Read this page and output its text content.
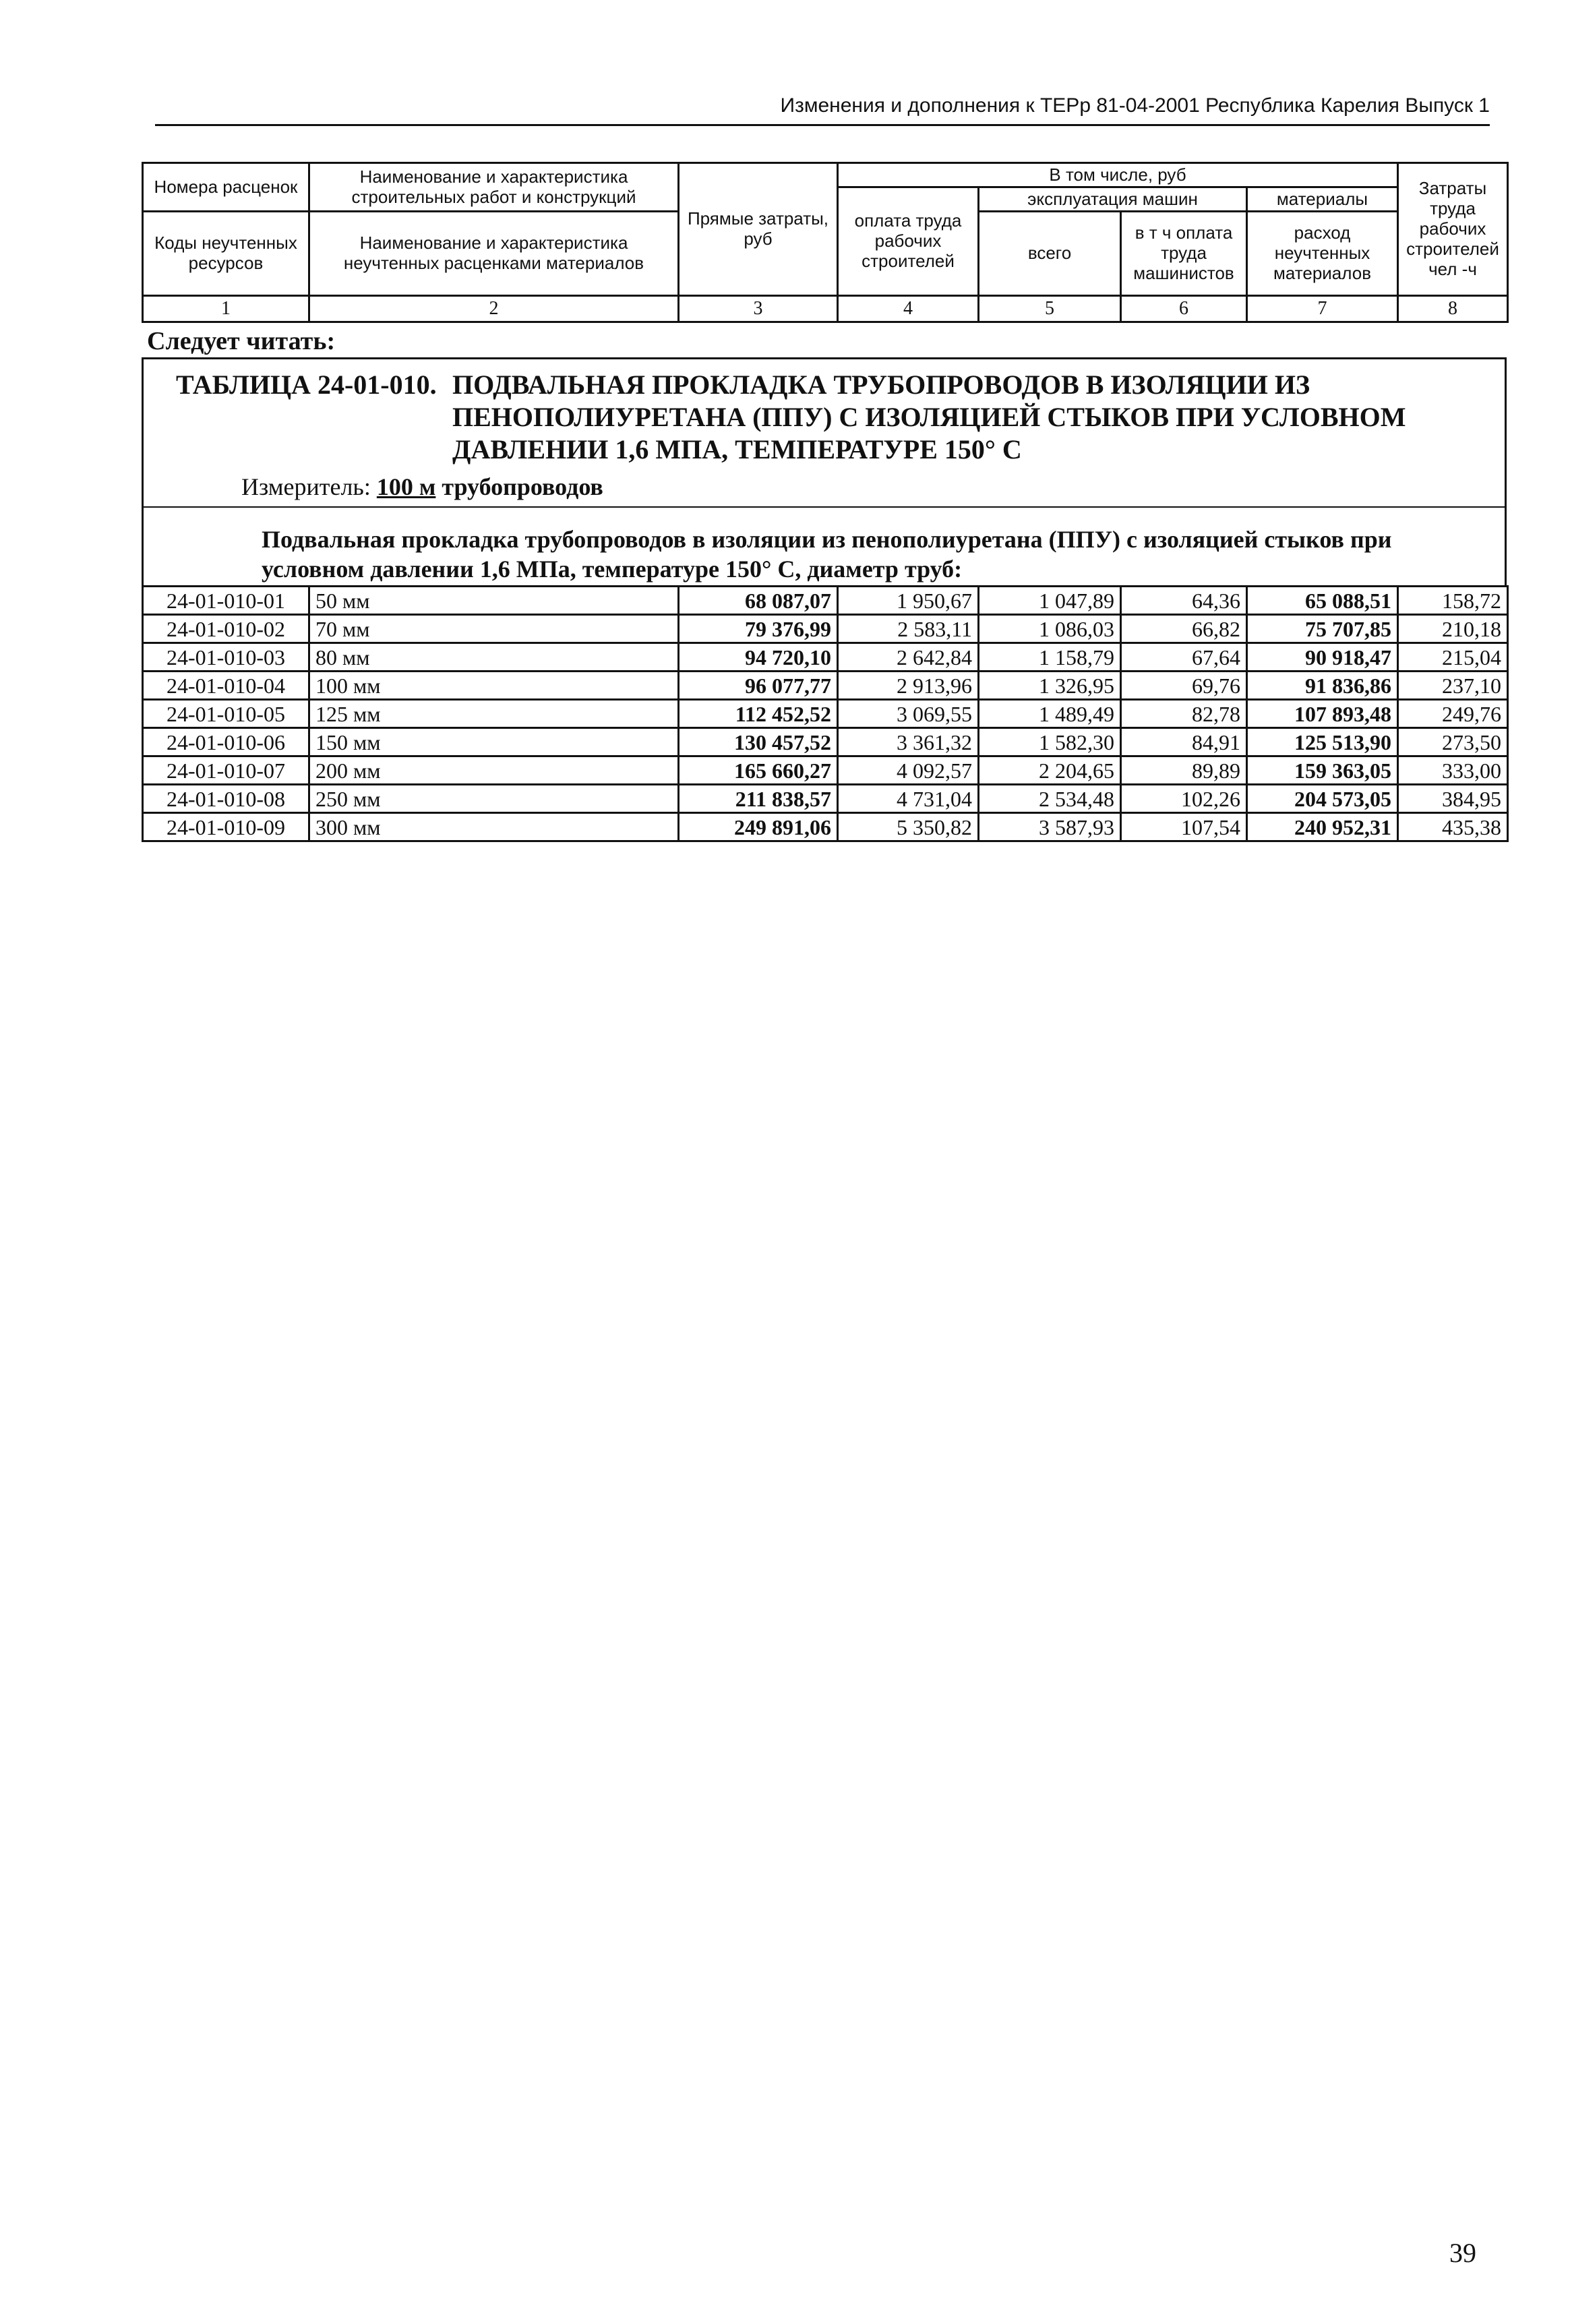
Изменения и дополнения к ТЕРр 81-04-2001 Республика Карелия Выпуск 1
Номера расценок	Наименование и характеристика строительных работ и конструкций	Прямые затраты, руб	В том числе, руб				Затраты труда рабочих строителей чел -ч
			оплата труда рабочих строителей	эксплуатация машин		материалы	
Коды неучтенных ресурсов	Наименование и характеристика неучтенных расценками материалов			всего	в т ч оплата труда машинистов	расход неучтенных материалов	

1	2	3	4	5	6	7	8
Следует читать:
ТАБЛИЦА 24-01-010. ПОДВАЛЬНАЯ ПРОКЛАДКА ТРУБОПРОВОДОВ В ИЗОЛЯЦИИ ИЗ ПЕНОПОЛИУРЕТАНА (ППУ) С ИЗОЛЯЦИЕЙ СТЫКОВ ПРИ УСЛОВНОМ ДАВЛЕНИИ 1,6 МПА, ТЕМПЕРАТУРЕ 150° С
Измеритель: 100 м трубопроводов
Подвальная прокладка трубопроводов в изоляции из пенополиуретана (ППУ) с изоляцией стыков при условном давлении 1,6 МПа, температуре 150° С, диаметр труб:
24-01-010-01	50 мм	68 087,07	1 950,67	1 047,89	64,36	65 088,51	158,72
24-01-010-02	70 мм	79 376,99	2 583,11	1 086,03	66,82	75 707,85	210,18
24-01-010-03	80 мм	94 720,10	2 642,84	1 158,79	67,64	90 918,47	215,04
24-01-010-04	100 мм	96 077,77	2 913,96	1 326,95	69,76	91 836,86	237,10
24-01-010-05	125 мм	112 452,52	3 069,55	1 489,49	82,78	107 893,48	249,76
24-01-010-06	150 мм	130 457,52	3 361,32	1 582,30	84,91	125 513,90	273,50
24-01-010-07	200 мм	165 660,27	4 092,57	2 204,65	89,89	159 363,05	333,00
24-01-010-08	250 мм	211 838,57	4 731,04	2 534,48	102,26	204 573,05	384,95
24-01-010-09	300 мм	249 891,06	5 350,82	3 587,93	107,54	240 952,31	435,38
39
